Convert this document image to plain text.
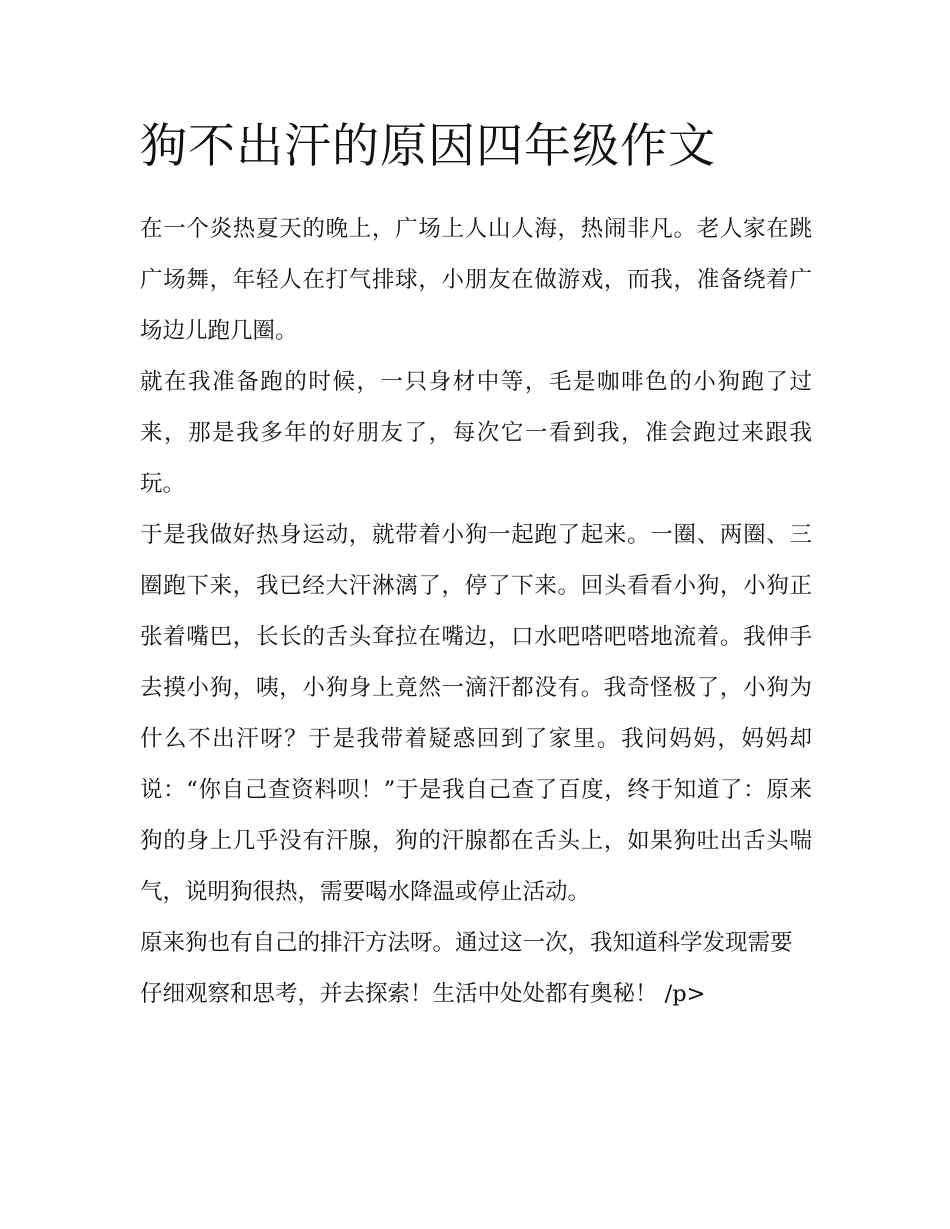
狗不出汗的原因四年级作文

在一个炎热夏天的晚上，广场上人山人海，热闹非凡。老人家在跳广场舞，年轻人在打气排球，小朋友在做游戏，而我，准备绕着广场边儿跑几圈。

就在我准备跑的时候，一只身材中等，毛是咖啡色的小狗跑了过来，那是我多年的好朋友了，每次它一看到我，准会跑过来跟我玩。

于是我做好热身运动，就带着小狗一起跑了起来。一圈、两圈、三圈跑下来，我已经大汗淋漓了，停了下来。回头看看小狗，小狗正张着嘴巴，长长的舌头耷拉在嘴边，口水吧嗒吧嗒地流着。我伸手去摸小狗，咦，小狗身上竟然一滴汗都没有。我奇怪极了，小狗为什么不出汗呀？于是我带着疑惑回到了家里。我问妈妈，妈妈却说：“你自己查资料呗！”于是我自己查了百度，终于知道了：原来狗的身上几乎没有汗腺，狗的汗腺都在舌头上，如果狗吐出舌头喘气，说明狗很热，需要喝水降温或停止活动。

原来狗也有自己的排汗方法呀。通过这一次，我知道科学发现需要仔细观察和思考，并去探索！生活中处处都有奥秘！ /p>
